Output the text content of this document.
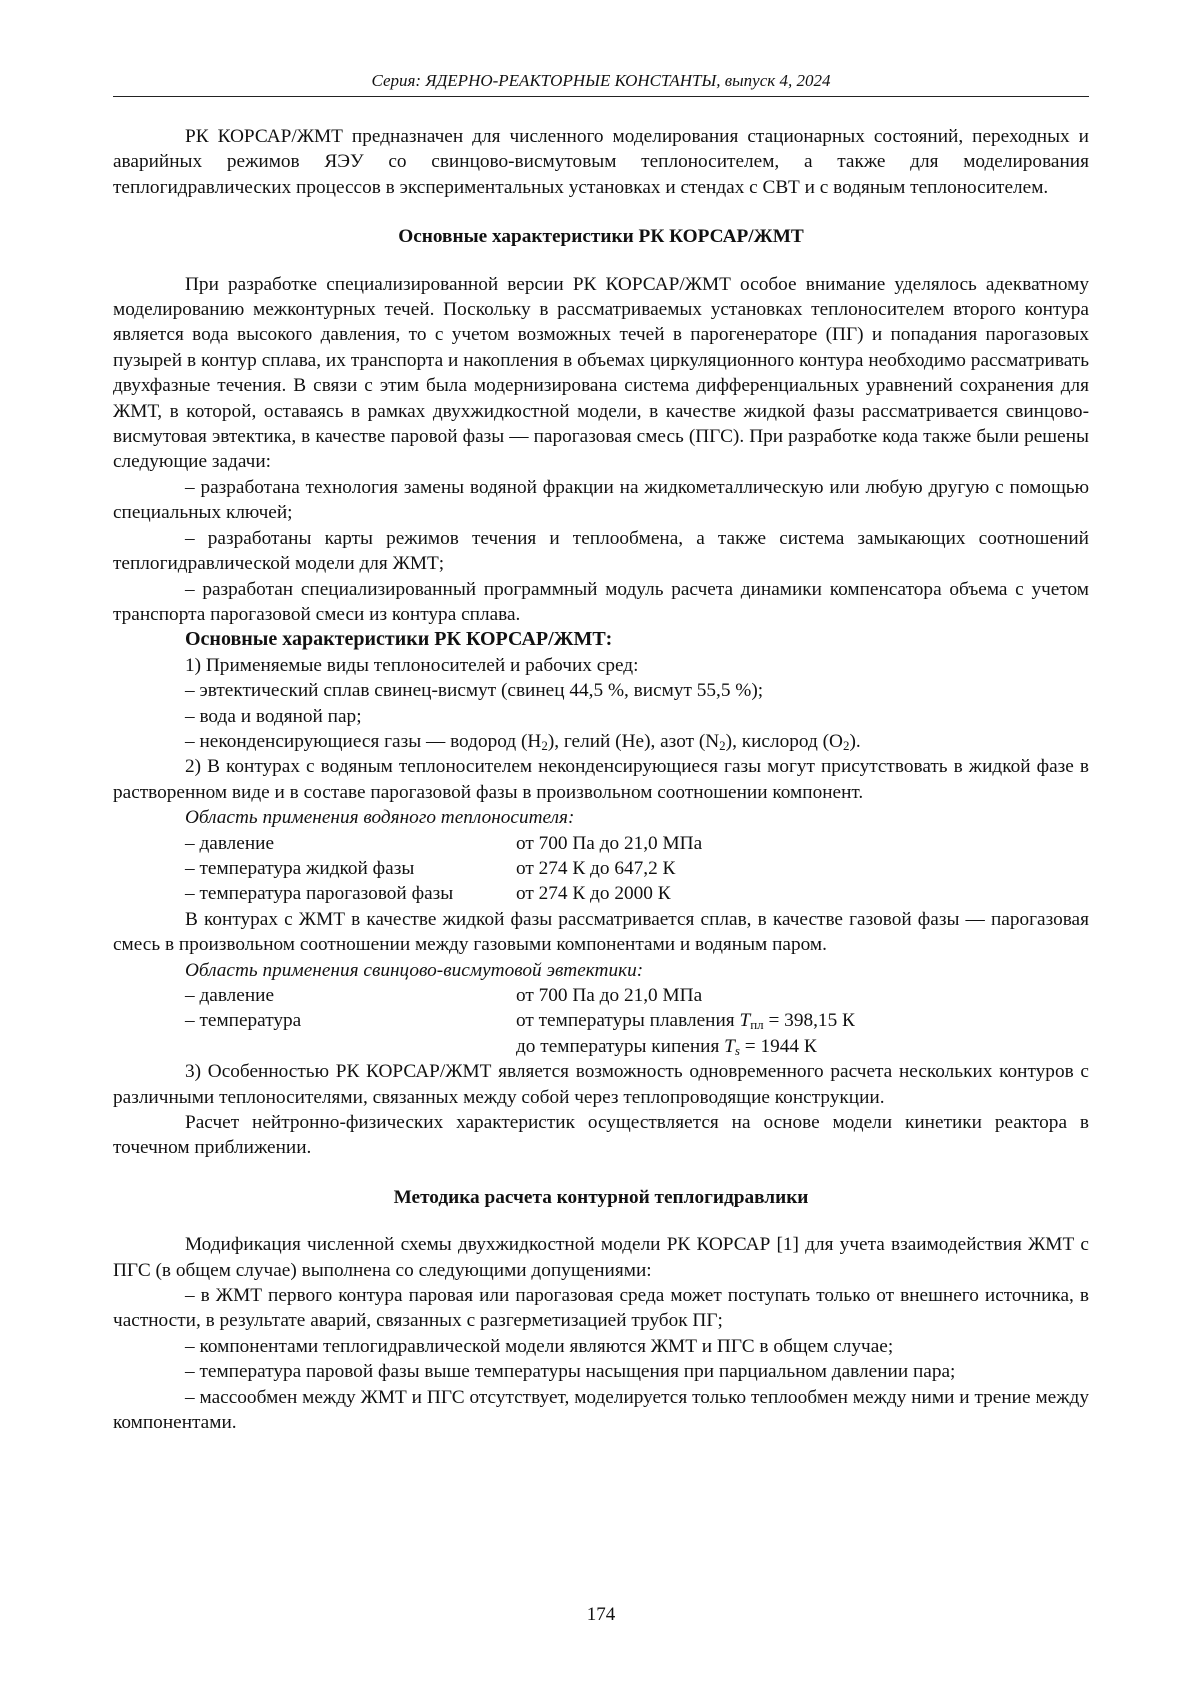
Серия: ЯДЕРНО-РЕАКТОРНЫЕ КОНСТАНТЫ, выпуск 4, 2024

РК КОРСАР/ЖМТ предназначен для численного моделирования стационарных состояний, переходных и аварийных режимов ЯЭУ со свинцово-висмутовым теплоносителем, а также для моделирования теплогидравлических процессов в экспериментальных установках и стендах с СВТ и с водяным теплоносителем.

Основные характеристики РК КОРСАР/ЖМТ

При разработке специализированной версии РК КОРСАР/ЖМТ особое внимание уделялось адекватному моделированию межконтурных течей. Поскольку в рассматриваемых установках теплоносителем второго контура является вода высокого давления, то с учетом возможных течей в парогенераторе (ПГ) и попадания парогазовых пузырей в контур сплава, их транспорта и накопления в объемах циркуляционного контура необходимо рассматривать двухфазные течения. В связи с этим была модернизирована система дифференциальных уравнений сохранения для ЖМТ, в которой, оставаясь в рамках двухжидкостной модели, в качестве жидкой фазы рассматривается свинцово-висмутовая эвтектика, в качестве паровой фазы — парогазовая смесь (ПГС). При разработке кода также были решены следующие задачи:

– разработана технология замены водяной фракции на жидкометаллическую или любую другую с помощью специальных ключей;

– разработаны карты режимов течения и теплообмена, а также система замыкающих соотношений теплогидравлической модели для ЖМТ;

– разработан специализированный программный модуль расчета динамики компенсатора объема с учетом транспорта парогазовой смеси из контура сплава.

Основные характеристики РК КОРСАР/ЖМТ:

1) Применяемые виды теплоносителей и рабочих сред:

– эвтектический сплав свинец-висмут (свинец 44,5 %, висмут 55,5 %);

– вода и водяной пар;

– неконденсирующиеся газы — водород $(H_2)$, гелий (He), азот $(N_2)$, кислород $(O_2)$.

2) В контурах с водяным теплоносителем неконденсирующиеся газы могут присутствовать в жидкой фазе в растворенном виде и в составе парогазовой фазы в произвольном соотношении компонент.

Область применения водяного теплоносителя:

– давление	от 700 Па до 21,0 МПа
– температура жидкой фазы	от 274 К до 647,2 К
– температура парогазовой фазы	от 274 К до 2000 К

В контурах с ЖМТ в качестве жидкой фазы рассматривается сплав, в качестве газовой фазы — парогазовая смесь в произвольном соотношении между газовыми компонентами и водяным паром.

Область применения свинцово-висмутовой эвтектики:

– давление	от 700 Па до 21,0 МПа
– температура	от температуры плавления $T_{пл} = 398,15$ К
до температуры кипения $T_s = 1944$ К

3) Особенностью РК КОРСАР/ЖМТ является возможность одновременного расчета нескольких контуров с различными теплоносителями, связанных между собой через теплопроводящие конструкции.

Расчет нейтронно-физических характеристик осуществляется на основе модели кинетики реактора в точечном приближении.

Методика расчета контурной теплогидравлики

Модификация численной схемы двухжидкостной модели РК КОРСАР [1] для учета взаимодействия ЖМТ с ПГС (в общем случае) выполнена со следующими допущениями:

– в ЖМТ первого контура паровая или парогазовая среда может поступать только от внешнего источника, в частности, в результате аварий, связанных с разгерметизацией трубок ПГ;

– компонентами теплогидравлической модели являются ЖМТ и ПГС в общем случае;

– температура паровой фазы выше температуры насыщения при парциальном давлении пара;

– массообмен между ЖМТ и ПГС отсутствует, моделируется только теплообмен между ними и трение между компонентами.

174
